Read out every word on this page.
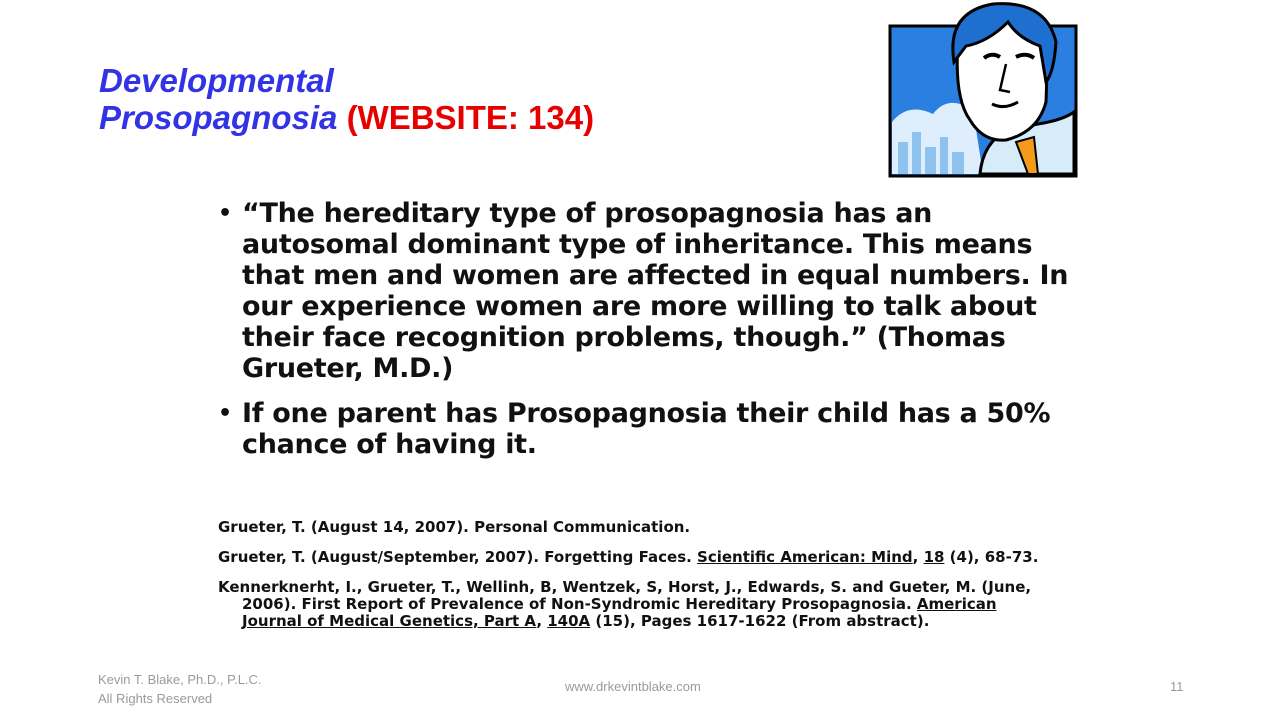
Developmental
Prosopagnosia (WEBSITE: 134)
• “The hereditary type of prosopagnosia has an autosomal dominant type of inheritance. This means that men and women are affected in equal numbers. In our experience women are more willing to talk about their face recognition problems, though.” (Thomas Grueter, M.D.)
• If one parent has Prosopagnosia their child has a 50% chance of having it.

Grueter, T. (August 14, 2007). Personal Communication.

Grueter, T. (August/September, 2007). Forgetting Faces. Scientific American: Mind, 18 (4), 68-73.

Kennerknerht, I., Grueter, T., Wellinh, B, Wentzek, S, Horst, J., Edwards, S. and Gueter, M. (June, 2006). First Report of Prevalence of Non-Syndromic Hereditary Prosopagnosia. American Journal of Medical Genetics, Part A, 140A (15), Pages 1617-1622 (From abstract).

Kevin T. Blake, Ph.D., P.L.C.
All Rights Reserved
www.drkevintblake.com	11
